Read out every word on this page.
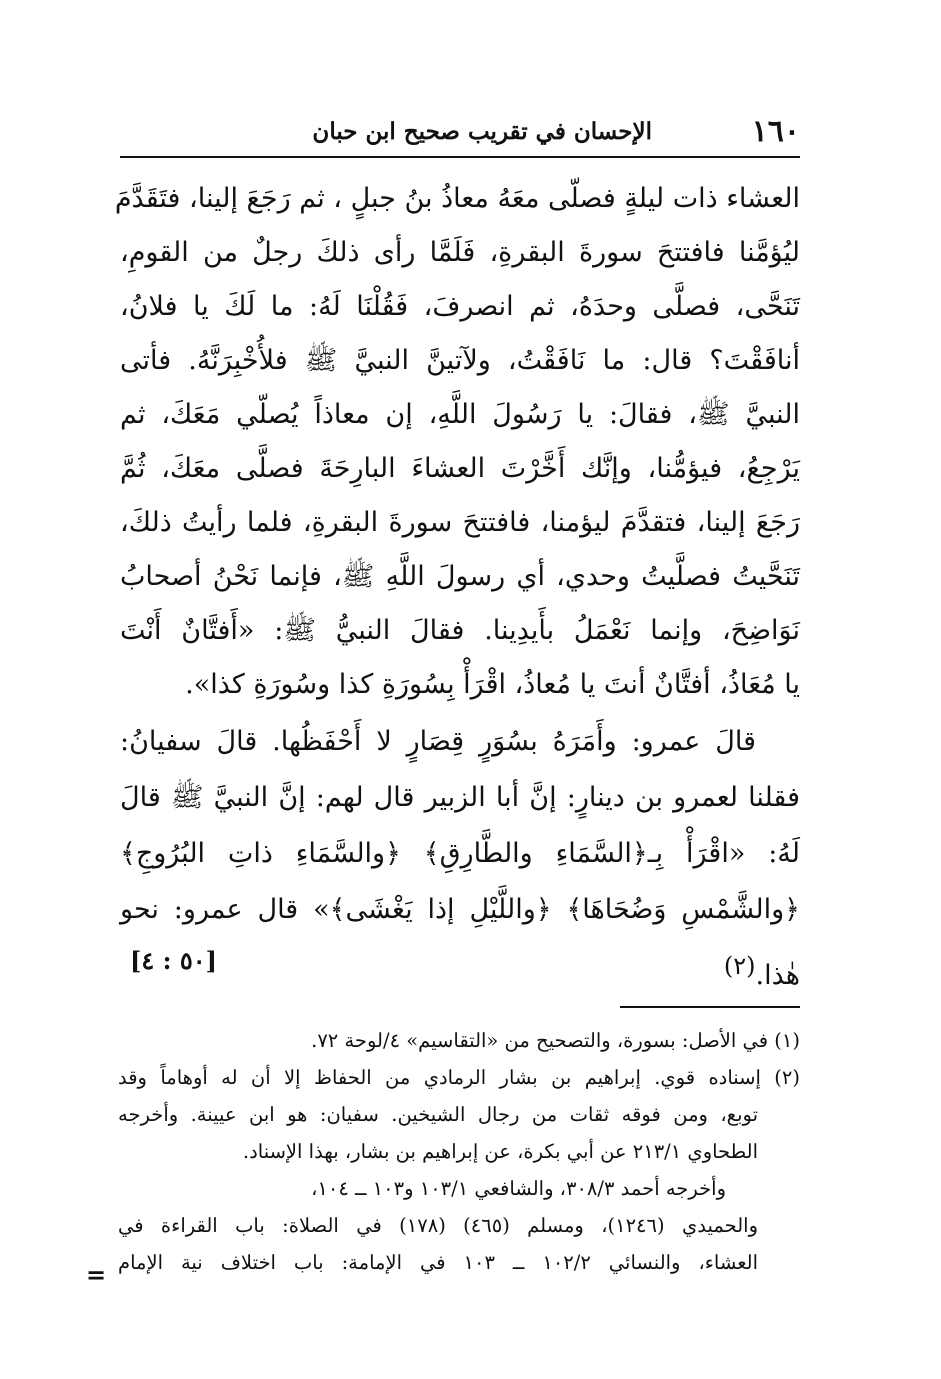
١٦٠
الإحسان في تقريب صحيح ابن حبان
العشاء ذات ليلةٍ فصلّى معَهُ معاذُ بنُ جبلٍ ، ثم رَجَعَ إلينا، فتَقَدَّمَ
ليُؤمَّنا فافتتحَ سورةَ البقرةِ، فَلَمَّا رأى ذلكَ رجلٌ من القومِ،
تَنَحَّى، فصلَّى وحدَهُ، ثم انصرفَ، فَقُلْنَا لَهُ: ما لَكَ يا فلانُ،
أنافَقْتَ؟ قال: ما نَافَقْتُ، ولآتينَّ النبيَّ ﷺ فلأُخْبِرَنَّهُ. فأتى
النبيَّ ﷺ، فقالَ: يا رَسُولَ اللَّهِ، إن معاذاً يُصلّي مَعَكَ، ثم
يَرْجِعُ، فيؤمُّنا، وإنَّك أَخَّرْتَ العشاءَ البارِحَةَ فصلَّى معَكَ، ثُمَّ
رَجَعَ إلينا، فتقدَّمَ ليؤمنا، فافتتحَ سورةَ البقرةِ، فلما رأيتُ ذلكَ،
تَنَحَّيتُ فصلَّيتُ وحدي، أي رسولَ اللَّهِ ﷺ، فإنما نَحْنُ أصحابُ
نَوَاضِحَ، وإنما نَعْمَلُ بأَيدِينا. فقالَ النبيُّ ﷺ: «أَفتَّانٌ أَنْتَ
يا مُعَاذُ، أفتَّانٌ أنتَ يا مُعاذُ، اقْرَأْ بِسُورَةِ كذا وسُورَةِ كذا».
قالَ عمرو: وأَمَرَهُ بسُوَرٍ قِصَارٍ لا أَحْفَظُها. قالَ سفيانُ:
فقلنا لعمرو بن دينارٍ: إنَّ أبا الزبير قال لهم: إنَّ النبيَّ ﷺ قالَ
لَهُ: «اقْرَأْ بِـ﴿السَّمَاءِ والطَّارِقِ﴾ ﴿والسَّمَاءِ ذاتِ البُرُوجِ﴾
﴿والشَّمْسِ وَضُحَاهَا﴾ ﴿واللَّيْلِ إذا يَغْشَى﴾» قال عمرو: نحو
هٰذا.$^{(٢)}$
[٥٠ : ٤]
(١) في الأصل: بسورة، والتصحيح من «التقاسيم» ٤/لوحة ٧٢.
(٢) إسناده قوي. إبراهيم بن بشار الرمادي من الحفاظ إلا أن له أوهاماً وقد
توبع، ومن فوقه ثقات من رجال الشيخين. سفيان: هو ابن عيينة. وأخرجه
الطحاوي ٢١٣/١ عن أبي بكرة، عن إبراهيم بن بشار، بهذا الإسناد.
وأخرجه أحمد ٣٠٨/٣، والشافعي ١٠٣/١ و١٠٣ ــ ١٠٤،
والحميدي (١٢٤٦)، ومسلم (٤٦٥) (١٧٨) في الصلاة: باب القراءة في
العشاء، والنسائي ١٠٢/٢ ــ ١٠٣ في الإمامة: باب اختلاف نية الإمام
=
